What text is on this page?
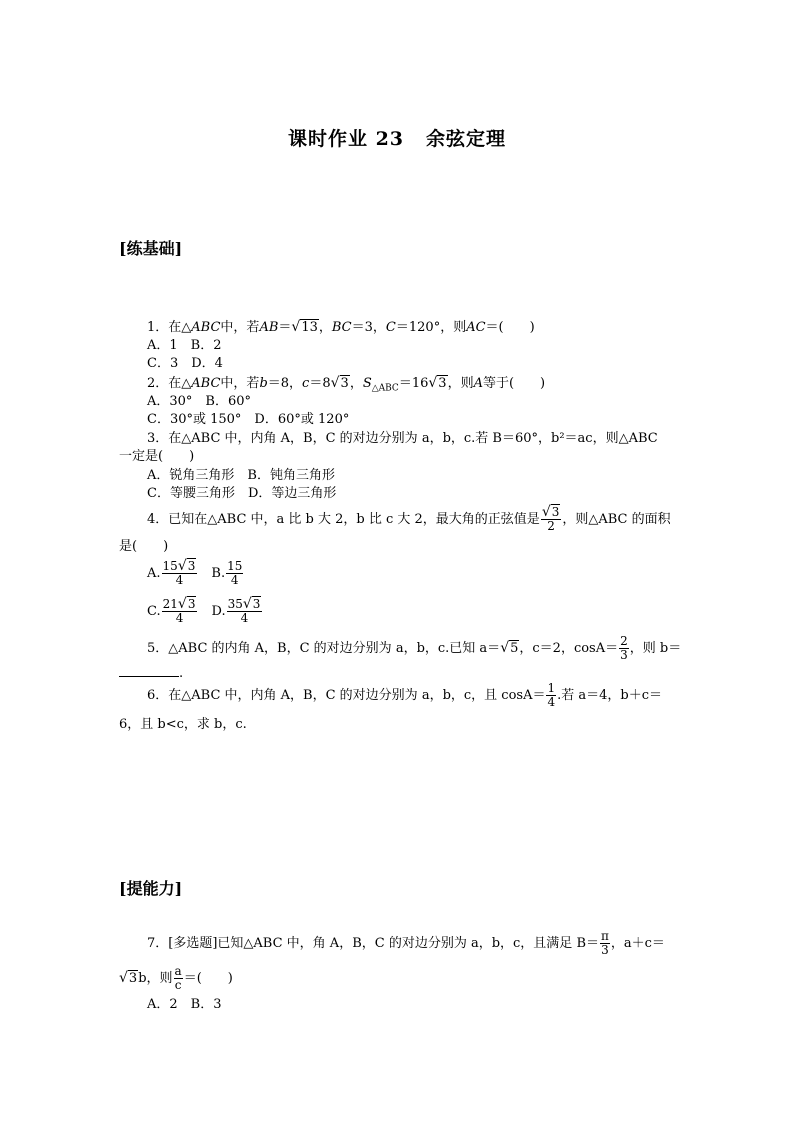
课时作业 23 余弦定理
[练基础]
1．在△ABC中，若AB＝√13，BC＝3，C＝120°，则AC＝(　　)
A．1　B．2
C．3　D．4
2．在△ABC中，若b＝8，c＝8√3，$S_{\triangle ABC}=16√3$，则A等于(　　)
A．30°　B．60°
C．30°或 150°　D．60°或 120°
3．在△ABC 中，内角 A，B，C 的对边分别为 a，b，c.若 B＝60°，b²＝ac，则△ABC
一定是(　　)
A．锐角三角形　B．钝角三角形
C．等腰三角形　D．等边三角形
4．已知在△ABC 中，a 比 b 大 2，b 比 c 大 2，最大角的正弦值是 $\frac{√3}{2}$ ，则△ABC 的面积
是(　　)
A. $\frac{15√3}{4}$
　 B. $\frac{15}{4}$
C. $\frac{21√3}{4}$
　 D. $\frac{35√3}{4}$
5．△ABC 的内角 A，B，C 的对边分别为 a，b，c.已知 a＝√5，c＝2，$\cos A= \frac{2}{3}$ ，则 b＝
.
6．在△ABC 中，内角 A，B，C 的对边分别为 a，b，c，且 $\cos A= \frac{1}{4}$ .若 a＝4，b＋c＝
6，且 b<c，求 b，c.
[提能力]
7．[多选题]已知△ABC 中，角 A，B，C 的对边分别为 a，b，c，且满足 $B= \frac{\pi}{3}$ ，a＋c＝
√3b，则 $\frac{a}{c}$ ＝(　　)
A．2　B．3
